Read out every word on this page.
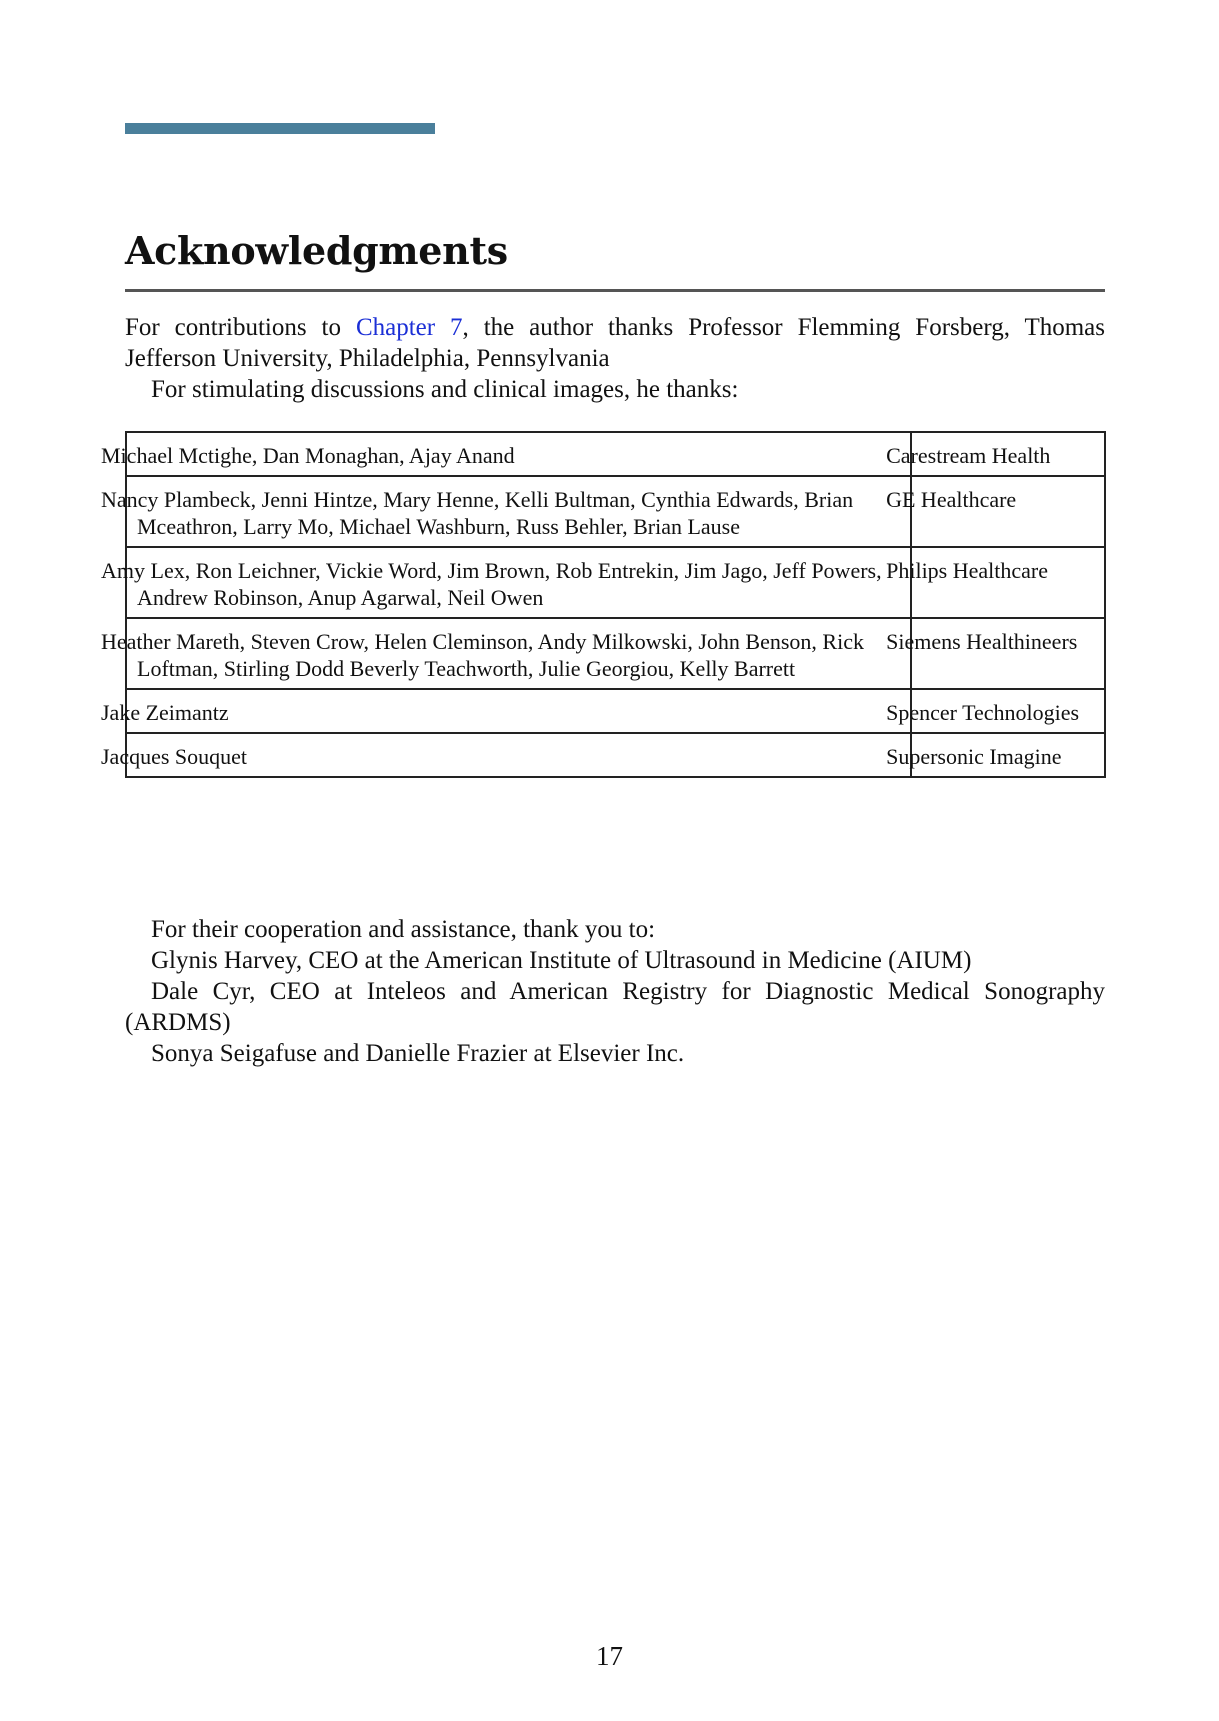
Acknowledgments

For contributions to Chapter 7, the author thanks Professor Flemming Forsberg, Thomas Jefferson University, Philadelphia, Pennsylvania

For stimulating discussions and clinical images, he thanks:

Michael Mctighe, Dan Monaghan, Ajay Anand	Carestream Health
Nancy Plambeck, Jenni Hintze, Mary Henne, Kelli Bultman, Cynthia Edwards, Brian Mceathron, Larry Mo, Michael Washburn, Russ Behler, Brian Lause	GE Healthcare
Amy Lex, Ron Leichner, Vickie Word, Jim Brown, Rob Entrekin, Jim Jago, Jeff Powers, Andrew Robinson, Anup Agarwal, Neil Owen	Philips Healthcare
Heather Mareth, Steven Crow, Helen Cleminson, Andy Milkowski, John Benson, Rick Loftman, Stirling Dodd Beverly Teachworth, Julie Georgiou, Kelly Barrett	Siemens Healthineers
Jake Zeimantz	Spencer Technologies
Jacques Souquet	Supersonic Imagine

For their cooperation and assistance, thank you to:

Glynis Harvey, CEO at the American Institute of Ultrasound in Medicine (AIUM)

Dale Cyr, CEO at Inteleos and American Registry for Diagnostic Medical Sonography (ARDMS)

Sonya Seigafuse and Danielle Frazier at Elsevier Inc.

17
